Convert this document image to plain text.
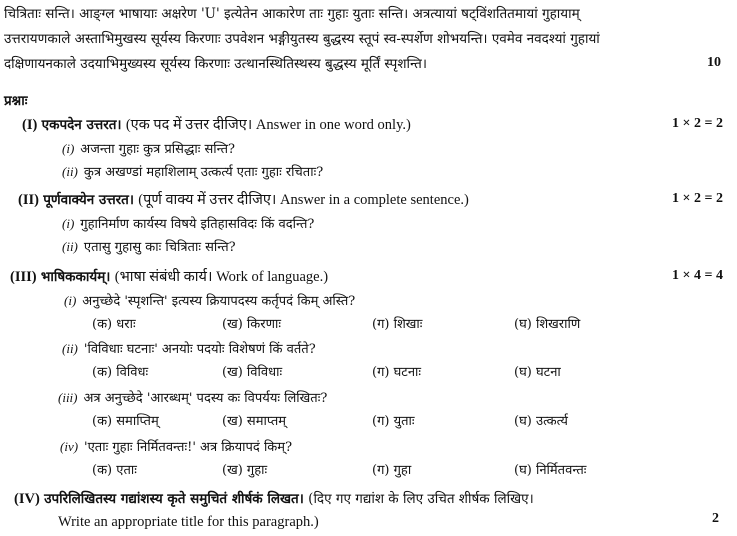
चित्रिताः सन्ति। आङ्ग्ल भाषायाः अक्षरेण 'U' इत्येतेन आकारेण ताः गुहाः युताः सन्ति। अत्रत्यायां षट्विंशतितमायां गुहायाम्
उत्तरायणकाले अस्ताभिमुखस्य सूर्यस्य किरणाः उपवेशन भङ्गीयुतस्य बुद्धस्य स्तूपं स्व-स्पर्शेण शोभयन्ति। एवमेव नवदश्यां गुहायां
दक्षिणायनकाले उदयाभिमुख्यस्य सूर्यस्य किरणाः उत्थानस्थितिस्थस्य बुद्धस्य मूर्तिं स्पृशन्ति।	10
प्रश्नाः
(I) एकपदेन उत्तरत। (एक पद में उत्तर दीजिए। Answer in one word only.)	1 × 2 = 2
(i) अजन्ता गुहाः कुत्र प्रसिद्धाः सन्ति?
(ii) कुत्र अखण्डां महाशिलाम् उत्कर्त्य एताः गुहाः रचिताः?
(II) पूर्णवाक्येन उत्तरत। (पूर्ण वाक्य में उत्तर दीजिए। Answer in a complete sentence.)	1 × 2 = 2
(i) गुहानिर्माण कार्यस्य विषये इतिहासविदः किं वदन्ति?
(ii) एतासु गुहासु काः चित्रिताः सन्ति?
(III) भाषिककार्यम्। (भाषा संबंधी कार्य। Work of language.)	1 × 4 = 4
(i) अनुच्छेदे 'स्पृशन्ति' इत्यस्य क्रियापदस्य कर्तृपदं किम् अस्ति?
(क) धराः	(ख) किरणाः	(ग) शिखाः	(घ) शिखराणि
(ii) 'विविधाः घटनाः' अनयोः पदयोः विशेषणं किं वर्तते?
(क) विविधः	(ख) विविधाः	(ग) घटनाः	(घ) घटना
(iii) अत्र अनुच्छेदे 'आरब्धम्' पदस्य कः विपर्ययः लिखितः?
(क) समाप्तिम्	(ख) समाप्तम्	(ग) युताः	(घ) उत्कर्त्य
(iv) 'एताः गुहाः निर्मितवन्तः!' अत्र क्रियापदं किम्?
(क) एताः	(ख) गुहाः	(ग) गुहा	(घ) निर्मितवन्तः
(IV) उपरिलिखितस्य गद्यांशस्य कृते समुचितं शीर्षकं लिखत। (दिए गए गद्यांश के लिए उचित शीर्षक लिखिए।
Write an appropriate title for this paragraph.)	2
